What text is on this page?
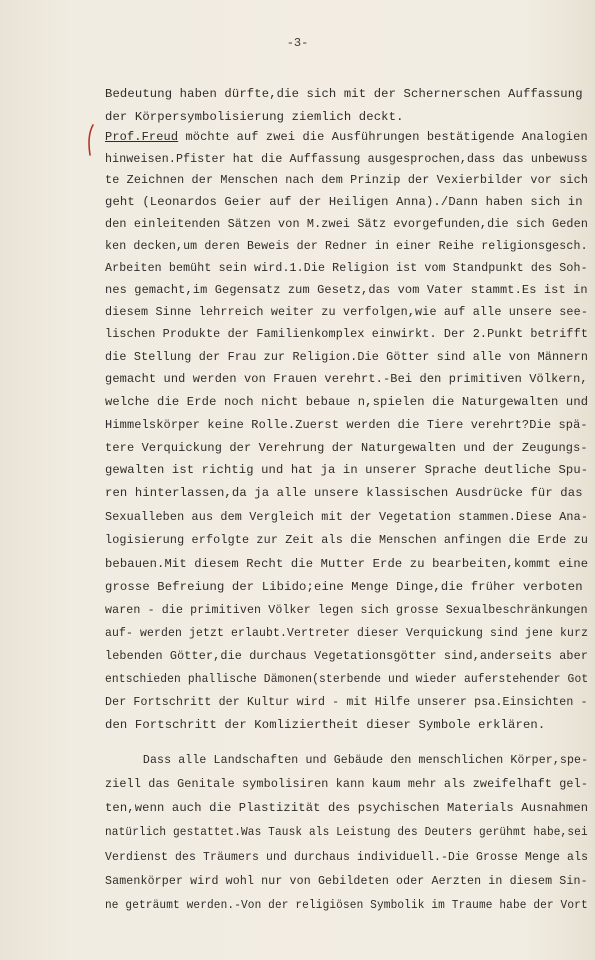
-3-
Bedeutung haben dürfte,die sich mit der Schernerschen Auffassung
der Körpersymbolisierung ziemlich deckt.
Prof.Freud möchte auf zwei die Ausführungen bestätigende Analogien
hinweisen.Pfister hat die Auffassung ausgesprochen,dass das unbewuss
te Zeichnen der Menschen nach dem Prinzip der Vexierbilder vor sich
geht (Leonardos Geier auf der Heiligen Anna)./Dann haben sich in
den einleitenden Sätzen von M.zwei Sätz evorgefunden,die sich Geden
ken decken,um deren Beweis der Redner in einer Reihe religionsgesch.
Arbeiten bemüht sein wird.1.Die Religion ist vom Standpunkt des Soh-
nes gemacht,im Gegensatz zum Gesetz,das vom Vater stammt.Es ist in
diesem Sinne lehrreich weiter zu verfolgen,wie auf alle unsere see-
lischen Produkte der Familienkomplex einwirkt. Der 2.Punkt betrifft
die Stellung der Frau zur Religion.Die Götter sind alle von Männern
gemacht und werden von Frauen verehrt.-Bei den primitiven Völkern,
welche die Erde noch nicht bebaue n,spielen die Naturgewalten und
Himmelskörper keine Rolle.Zuerst werden die Tiere verehrt?Die spä-
tere Verquickung der Verehrung der Naturgewalten und der Zeugungs-
gewalten ist richtig und hat ja in unserer Sprache deutliche Spu-
ren hinterlassen,da ja alle unsere klassischen Ausdrücke für das
Sexualleben aus dem Vergleich mit der Vegetation stammen.Diese Ana-
logisierung erfolgte zur Zeit als die Menschen anfingen die Erde zu
bebauen.Mit diesem Recht die Mutter Erde zu bearbeiten,kommt eine
grosse Befreiung der Libido;eine Menge Dinge,die früher verboten
waren - die primitiven Völker legen sich grosse Sexualbeschränkungen
auf- werden jetzt erlaubt.Vertreter dieser Verquickung sind jene kurz
lebenden Götter,die durchaus Vegetationsgötter sind,anderseits aber
entschieden phallische Dämonen(sterbende und wieder auferstehender Got
Der Fortschritt der Kultur wird - mit Hilfe unserer psa.Einsichten -
den Fortschritt der Komliziertheit dieser Symbole erklären.
Dass alle Landschaften und Gebäude den menschlichen Körper,spe-
ziell das Genitale symbolisiren kann kaum mehr als zweifelhaft gel-
ten,wenn auch die Plastizität des psychischen Materials Ausnahmen
natürlich gestattet.Was Tausk als Leistung des Deuters gerühmt habe,sei
Verdienst des Träumers und durchaus individuell.-Die Grosse Menge als
Samenkörper wird wohl nur von Gebildeten oder Aerzten in diesem Sin-
ne geträumt werden.-Von der religiösen Symbolik im Traume habe der Vort
